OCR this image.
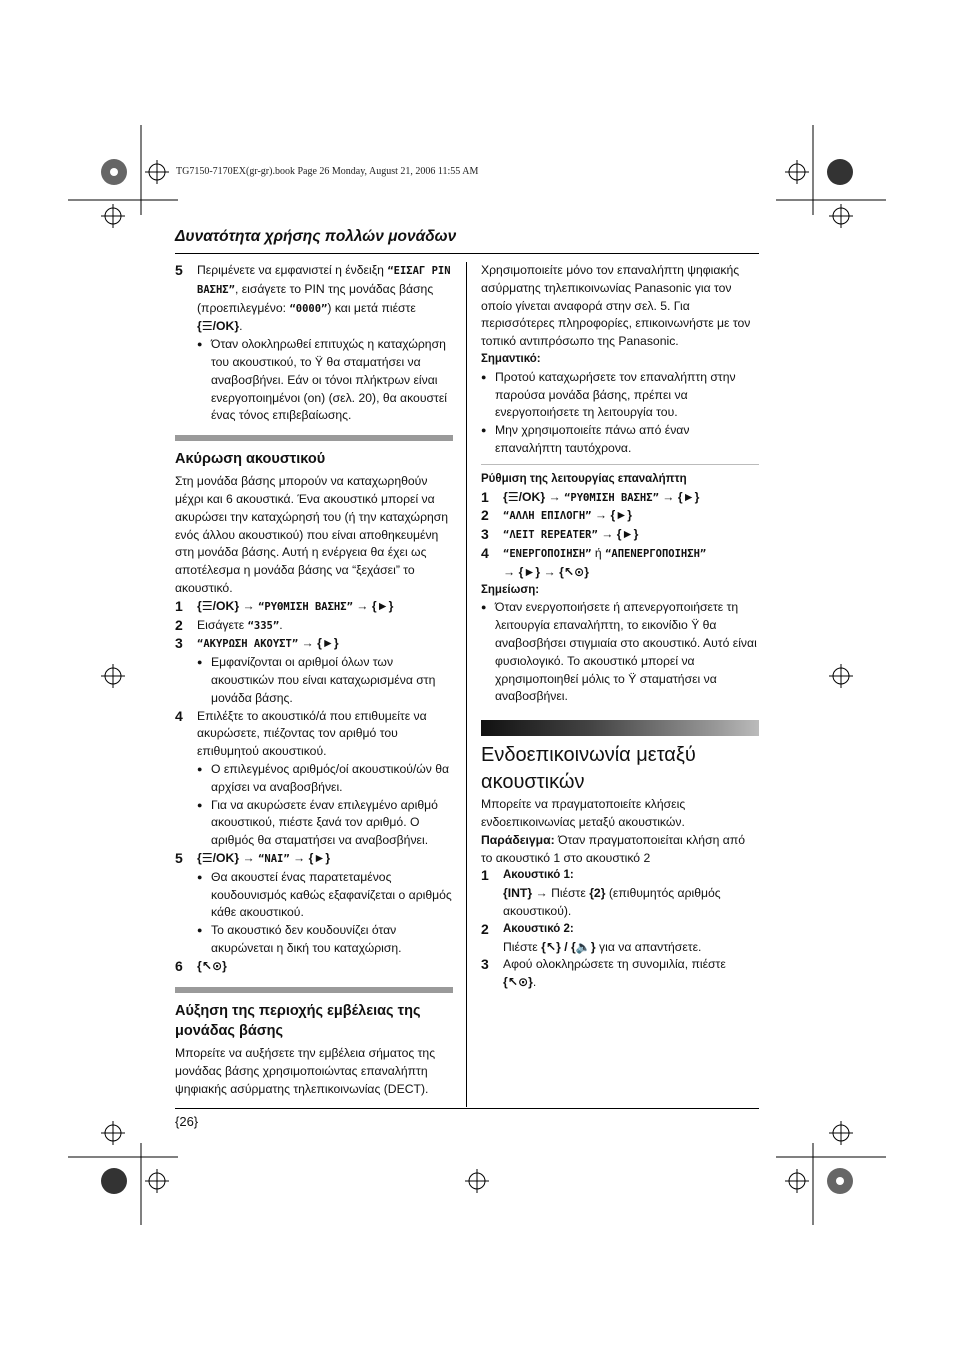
TG7150-7170EX(gr-gr).book Page 26 Monday, August 21, 2006 11:55 AM
Δυνατότητα χρήσης πολλών μονάδων
{26}
5 Περιμένετε να εμφανιστεί η ένδειξη “ΕΙΣΑΓ PIN ΒΑΣΗΣ”, εισάγετε το PIN της μονάδας βάσης (προεπιλεγμένο: “0000”) και μετά πιέστε {☰/OK}.

● Όταν ολοκληρωθεί επιτυχώς η καταχώρηση του ακουστικού, το Ÿ θα σταματήσει να αναβοσβήνει. Εάν οι τόνοι πλήκτρων είναι ενεργοποιημένοι (on) (σελ. 20), θα ακουστεί ένας τόνος επιβεβαίωσης.

Ακύρωση ακουστικού

Στη μονάδα βάσης μπορούν να καταχωρηθούν μέχρι και 6 ακουστικά. Ένα ακουστικό μπορεί να ακυρώσει την καταχώρησή του (ή την καταχώρηση ενός άλλου ακουστικού) που είναι αποθηκευμένη στη μονάδα βάσης. Αυτή η ενέργεια θα έχει ως αποτέλεσμα η μονάδα βάσης να “ξεχάσει” το ακουστικό.

1 {☰/OK} → “ΡΥΘΜΙΣΗ ΒΑΣΗΣ” → {►}

2 Εισάγετε “335”.

3 “ΑΚΥΡΩΣΗ ΑΚΟΥΣΤ” → {►}

● Εμφανίζονται οι αριθμοί όλων των ακουστικών που είναι καταχωρισμένα στη μονάδα βάσης.

4 Επιλέξτε το ακουστικό/ά που επιθυμείτε να ακυρώσετε, πιέζοντας τον αριθμό του επιθυμητού ακουστικού.

● Ο επιλεγμένος αριθμός/οί ακουστικού/ών θα αρχίσει να αναβοσβήνει.

● Για να ακυρώσετε έναν επιλεγμένο αριθμό ακουστικού, πιέστε ξανά τον αριθμό. Ο αριθμός θα σταματήσει να αναβοσβήνει.

5 {☰/OK} → “ΝΑΙ” → {►}

● Θα ακουστεί ένας παρατεταμένος κουδουνισμός καθώς εξαφανίζεται ο αριθμός κάθε ακουστικού.

● Το ακουστικό δεν κουδουνίζει όταν ακυρώνεται η δική του καταχώριση.

6 {↖⊙}

Αύξηση της περιοχής εμβέλειας της μονάδας βάσης

Μπορείτε να αυξήσετε την εμβέλεια σήματος της μονάδας βάσης χρησιμοποιώντας επαναλήπτη ψηφιακής ασύρματης τηλεπικοινωνίας (DECT).

Χρησιμοποιείτε μόνο τον επαναλήπτη ψηφιακής ασύρματης τηλεπικοινωνίας Panasonic για τον οποίο γίνεται αναφορά στην σελ. 5. Για περισσότερες πληροφορίες, επικοινωνήστε με τον τοπικό αντιπρόσωπο της Panasonic.

Σημαντικό:

● Προτού καταχωρήσετε τον επαναλήπτη στην παρούσα μονάδα βάσης, πρέπει να ενεργοποιήσετε τη λειτουργία του.

● Μην χρησιμοποιείτε πάνω από έναν επαναλήπτη ταυτόχρονα.

Ρύθμιση της λειτουργίας επαναλήπτη

1 {☰/OK} → “ΡΥΘΜΙΣΗ ΒΑΣΗΣ” → {►}

2 “ΑΛΛΗ ΕΠΙΛΟΓΗ” → {►}

3 “ΛΕΙΤ REPEATER” → {►}

4 “ΕΝΕΡΓΟΠΟΙΗΣΗ” ή “ΑΠΕΝΕΡΓΟΠΟΙΗΣΗ”
→ {►} → {↖⊙}

Σημείωση:

● Όταν ενεργοποιήσετε ή απενεργοποιήσετε τη λειτουργία επαναλήπτη, το εικονίδιο Ÿ θα αναβοσβήσει στιγμιαία στο ακουστικό. Αυτό είναι φυσιολογικό. Το ακουστικό μπορεί να χρησιμοποιηθεί μόλις το Ÿ σταματήσει να αναβοσβήνει.

Ενδοεπικοινωνία μεταξύ ακουστικών

Μπορείτε να πραγματοποιείτε κλήσεις ενδοεπικοινωνίας μεταξύ ακουστικών.

Παράδειγμα: Όταν πραγματοποιείται κλήση από το ακουστικό 1 στο ακουστικό 2

1 Ακουστικό 1:

{INT} → Πιέστε {2} (επιθυμητός αριθμός ακουστικού).

2 Ακουστικό 2:

Πιέστε {↖} / {🔈} για να απαντήσετε.

3 Αφού ολοκληρώσετε τη συνομιλία, πιέστε {↖⊙}.
